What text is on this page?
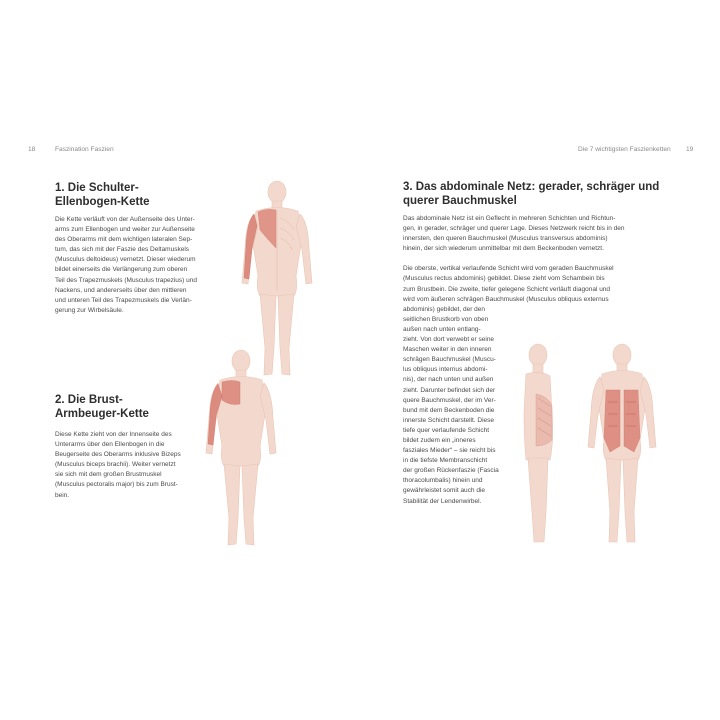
18	Faszination Faszien	Die 7 wichtigsten Faszienketten 19
1. Die Schulter-
Ellenbogen-Kette
Die Kette verläuft von der Außenseite des Unter-
arms zum Ellenbogen und weiter zur Außenseite
des Oberarms mit dem wichtigen lateralen Sep-
tum, das sich mit der Faszie des Deltamuskels
(Musculus deltoideus) vernetzt. Dieser wiederum
bildet einerseits die Verlängerung zum oberen
Teil des Trapezmuskels (Musculus trapezius) und
Nackens, und andererseits über den mittleren
und unteren Teil des Trapezmuskels die Verlän-
gerung zur Wirbelsäule.
2. Die Brust-
Armbeuger-Kette
Diese Kette zieht von der Innenseite des
Unterarms über den Ellenbogen in die
Beugerseite des Oberarms inklusive Bizeps
(Musculus biceps brachii). Weiter vernetzt
sie sich mit dem großen Brustmuskel
(Musculus pectoralis major) bis zum Brust-
bein.
3. Das abdominale Netz: gerader, schräger und
querer Bauchmuskel
Das abdominale Netz ist ein Geflecht in mehreren Schichten und Richtun-
gen, in gerader, schräger und querer Lage. Dieses Netzwerk reicht bis in den
innersten, den queren Bauchmuskel (Musculus transversus abdominis)
hinein, der sich wiederum unmittelbar mit dem Beckenboden vernetzt.
Die oberste, vertikal verlaufende Schicht wird vom geraden Bauchmuskel
(Musculus rectus abdominis) gebildet. Diese zieht vom Schambein bis
zum Brustbein. Die zweite, tiefer gelegene Schicht verläuft diagonal und
wird vom äußeren schrägen Bauchmuskel (Musculus obliquus externus
abdominis) gebildet, der den
seitlichen Brustkorb von oben
außen nach unten entlang-
zieht. Von dort verwebt er seine
Maschen weiter in den inneren
schrägen Bauchmuskel (Muscu-
lus obliquus internus abdomi-
nis), der nach unten und außen
zieht. Darunter befindet sich der
quere Bauchmuskel, der im Ver-
bund mit dem Beckenboden die
innerste Schicht darstellt. Diese
tiefe quer verlaufende Schicht
bildet zudem ein „inneres
fasziales Mieder“ – sie reicht bis
in die tiefste Membranschicht
der großen Rückenfaszie (Fascia
thoracolumbalis) hinein und
gewährleistet somit auch die
Stabilität der Lendenwirbel.
